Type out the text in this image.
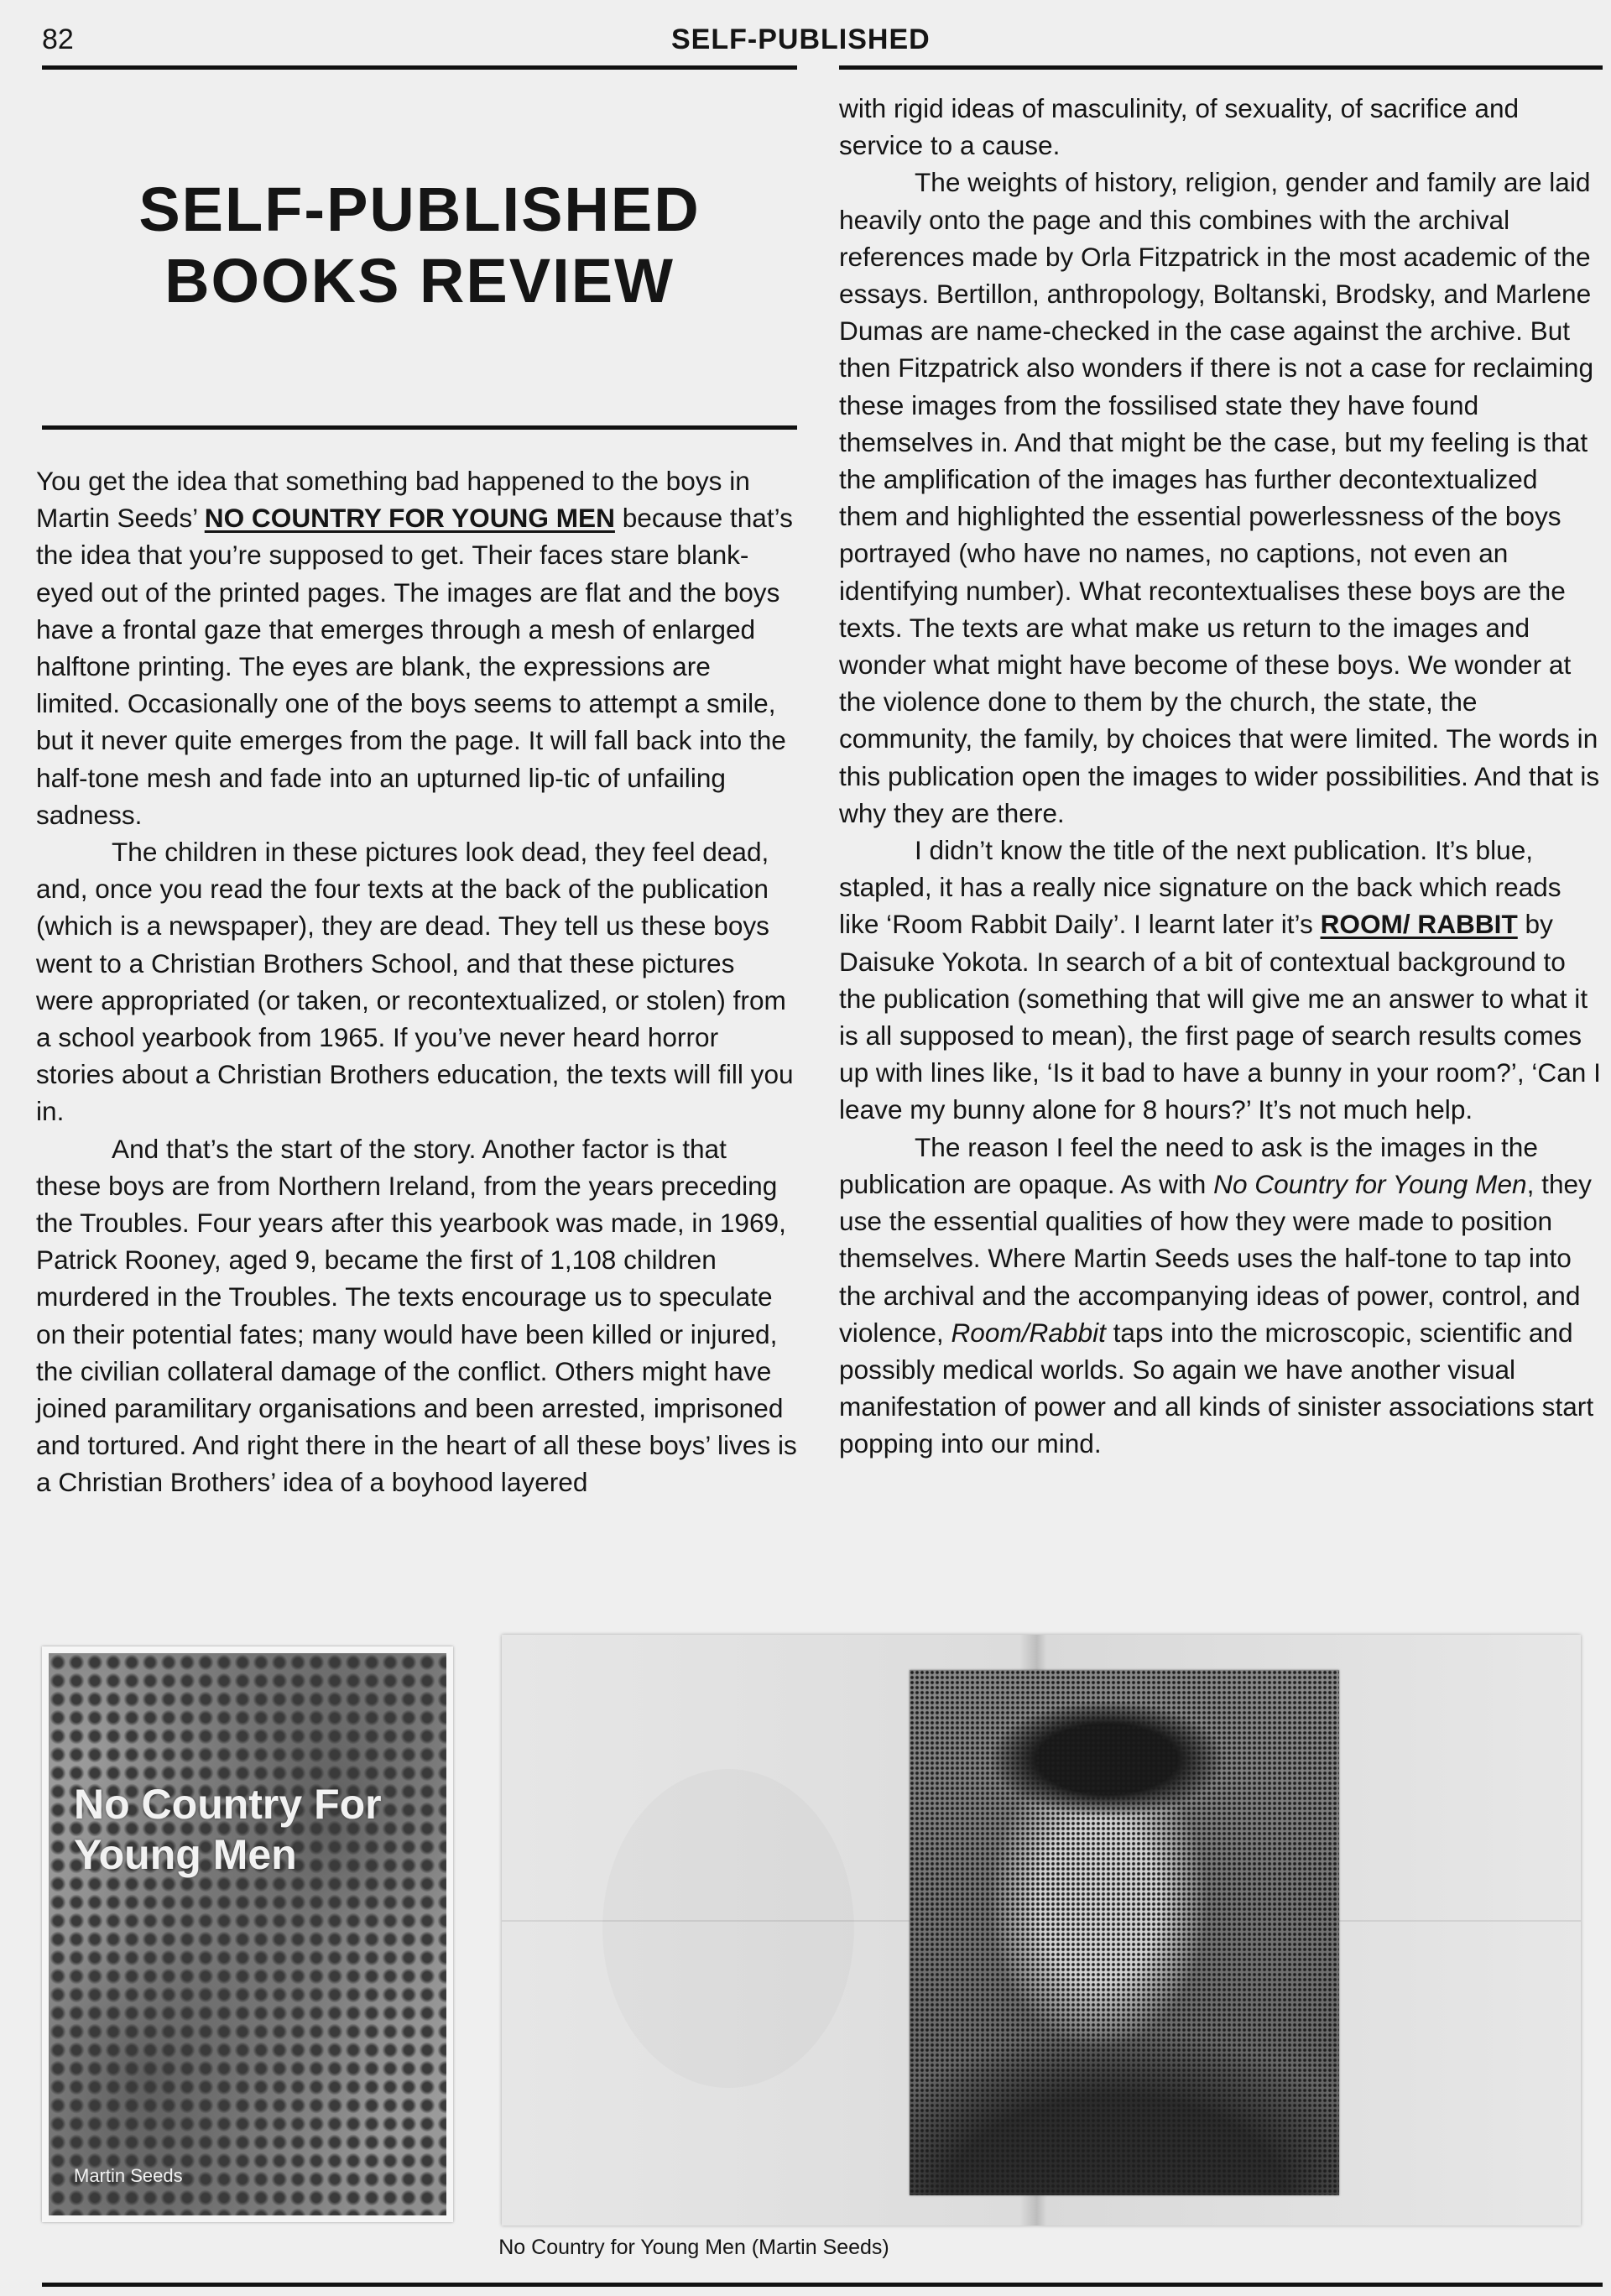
82	SELF-PUBLISHED
SELF-PUBLISHED
BOOKS REVIEW

You get the idea that something bad happened to the boys in Martin Seeds’ NO COUNTRY FOR YOUNG MEN because that’s the idea that you’re supposed to get. Their faces stare blank-eyed out of the printed pages. The images are flat and the boys have a frontal gaze that emerges through a mesh of enlarged halftone printing. The eyes are blank, the expressions are limited. Occasionally one of the boys seems to attempt a smile, but it never quite emerges from the page. It will fall back into the half-tone mesh and fade into an upturned lip-tic of unfailing sadness.

The children in these pictures look dead, they feel dead, and, once you read the four texts at the back of the publication (which is a newspaper), they are dead. They tell us these boys went to a Christian Brothers School, and that these pictures were appropriated (or taken, or recontextualized, or stolen) from a school yearbook from 1965. If you’ve never heard horror stories about a Christian Brothers education, the texts will fill you in.

And that’s the start of the story. Another factor is that these boys are from Northern Ireland, from the years preceding the Troubles. Four years after this yearbook was made, in 1969, Patrick Rooney, aged 9, became the first of 1,108 children murdered in the Troubles. The texts encourage us to speculate on their potential fates; many would have been killed or injured, the civilian collateral damage of the conflict. Others might have joined paramilitary organisations and been arrested, imprisoned and tortured. And right there in the heart of all these boys’ lives is a Christian Brothers’ idea of a boyhood layered

with rigid ideas of masculinity, of sexuality, of sacrifice and service to a cause.

The weights of history, religion, gender and family are laid heavily onto the page and this combines with the archival references made by Orla Fitzpatrick in the most academic of the essays. Bertillon, anthropology, Boltanski, Brodsky, and Marlene Dumas are name-checked in the case against the archive. But then Fitzpatrick also wonders if there is not a case for reclaiming these images from the fossilised state they have found themselves in. And that might be the case, but my feeling is that the amplification of the images has further decontextualized them and highlighted the essential powerlessness of the boys portrayed (who have no names, no captions, not even an identifying number). What recontextualises these boys are the texts. The texts are what make us return to the images and wonder what might have become of these boys. We wonder at the violence done to them by the church, the state, the community, the family, by choices that were limited. The words in this publication open the images to wider possibilities. And that is why they are there.

I didn’t know the title of the next publication. It’s blue, stapled, it has a really nice signature on the back which reads like ‘Room Rabbit Daily’. I learnt later it’s ROOM/ RABBIT by Daisuke Yokota. In search of a bit of contextual background to the publication (something that will give me an answer to what it is all supposed to mean), the first page of search results comes up with lines like, ‘Is it bad to have a bunny in your room?’, ‘Can I leave my bunny alone for 8 hours?’ It’s not much help.

The reason I feel the need to ask is the images in the publication are opaque. As with No Country for Young Men, they use the essential qualities of how they were made to position themselves. Where Martin Seeds uses the half-tone to tap into the archival and the accompanying ideas of power, control, and violence, Room/Rabbit taps into the microscopic, scientific and possibly medical worlds. So again we have another visual manifestation of power and all kinds of sinister associations start popping into our mind.

No Country For Young Men
Martin Seeds
No Country for Young Men (Martin Seeds)
